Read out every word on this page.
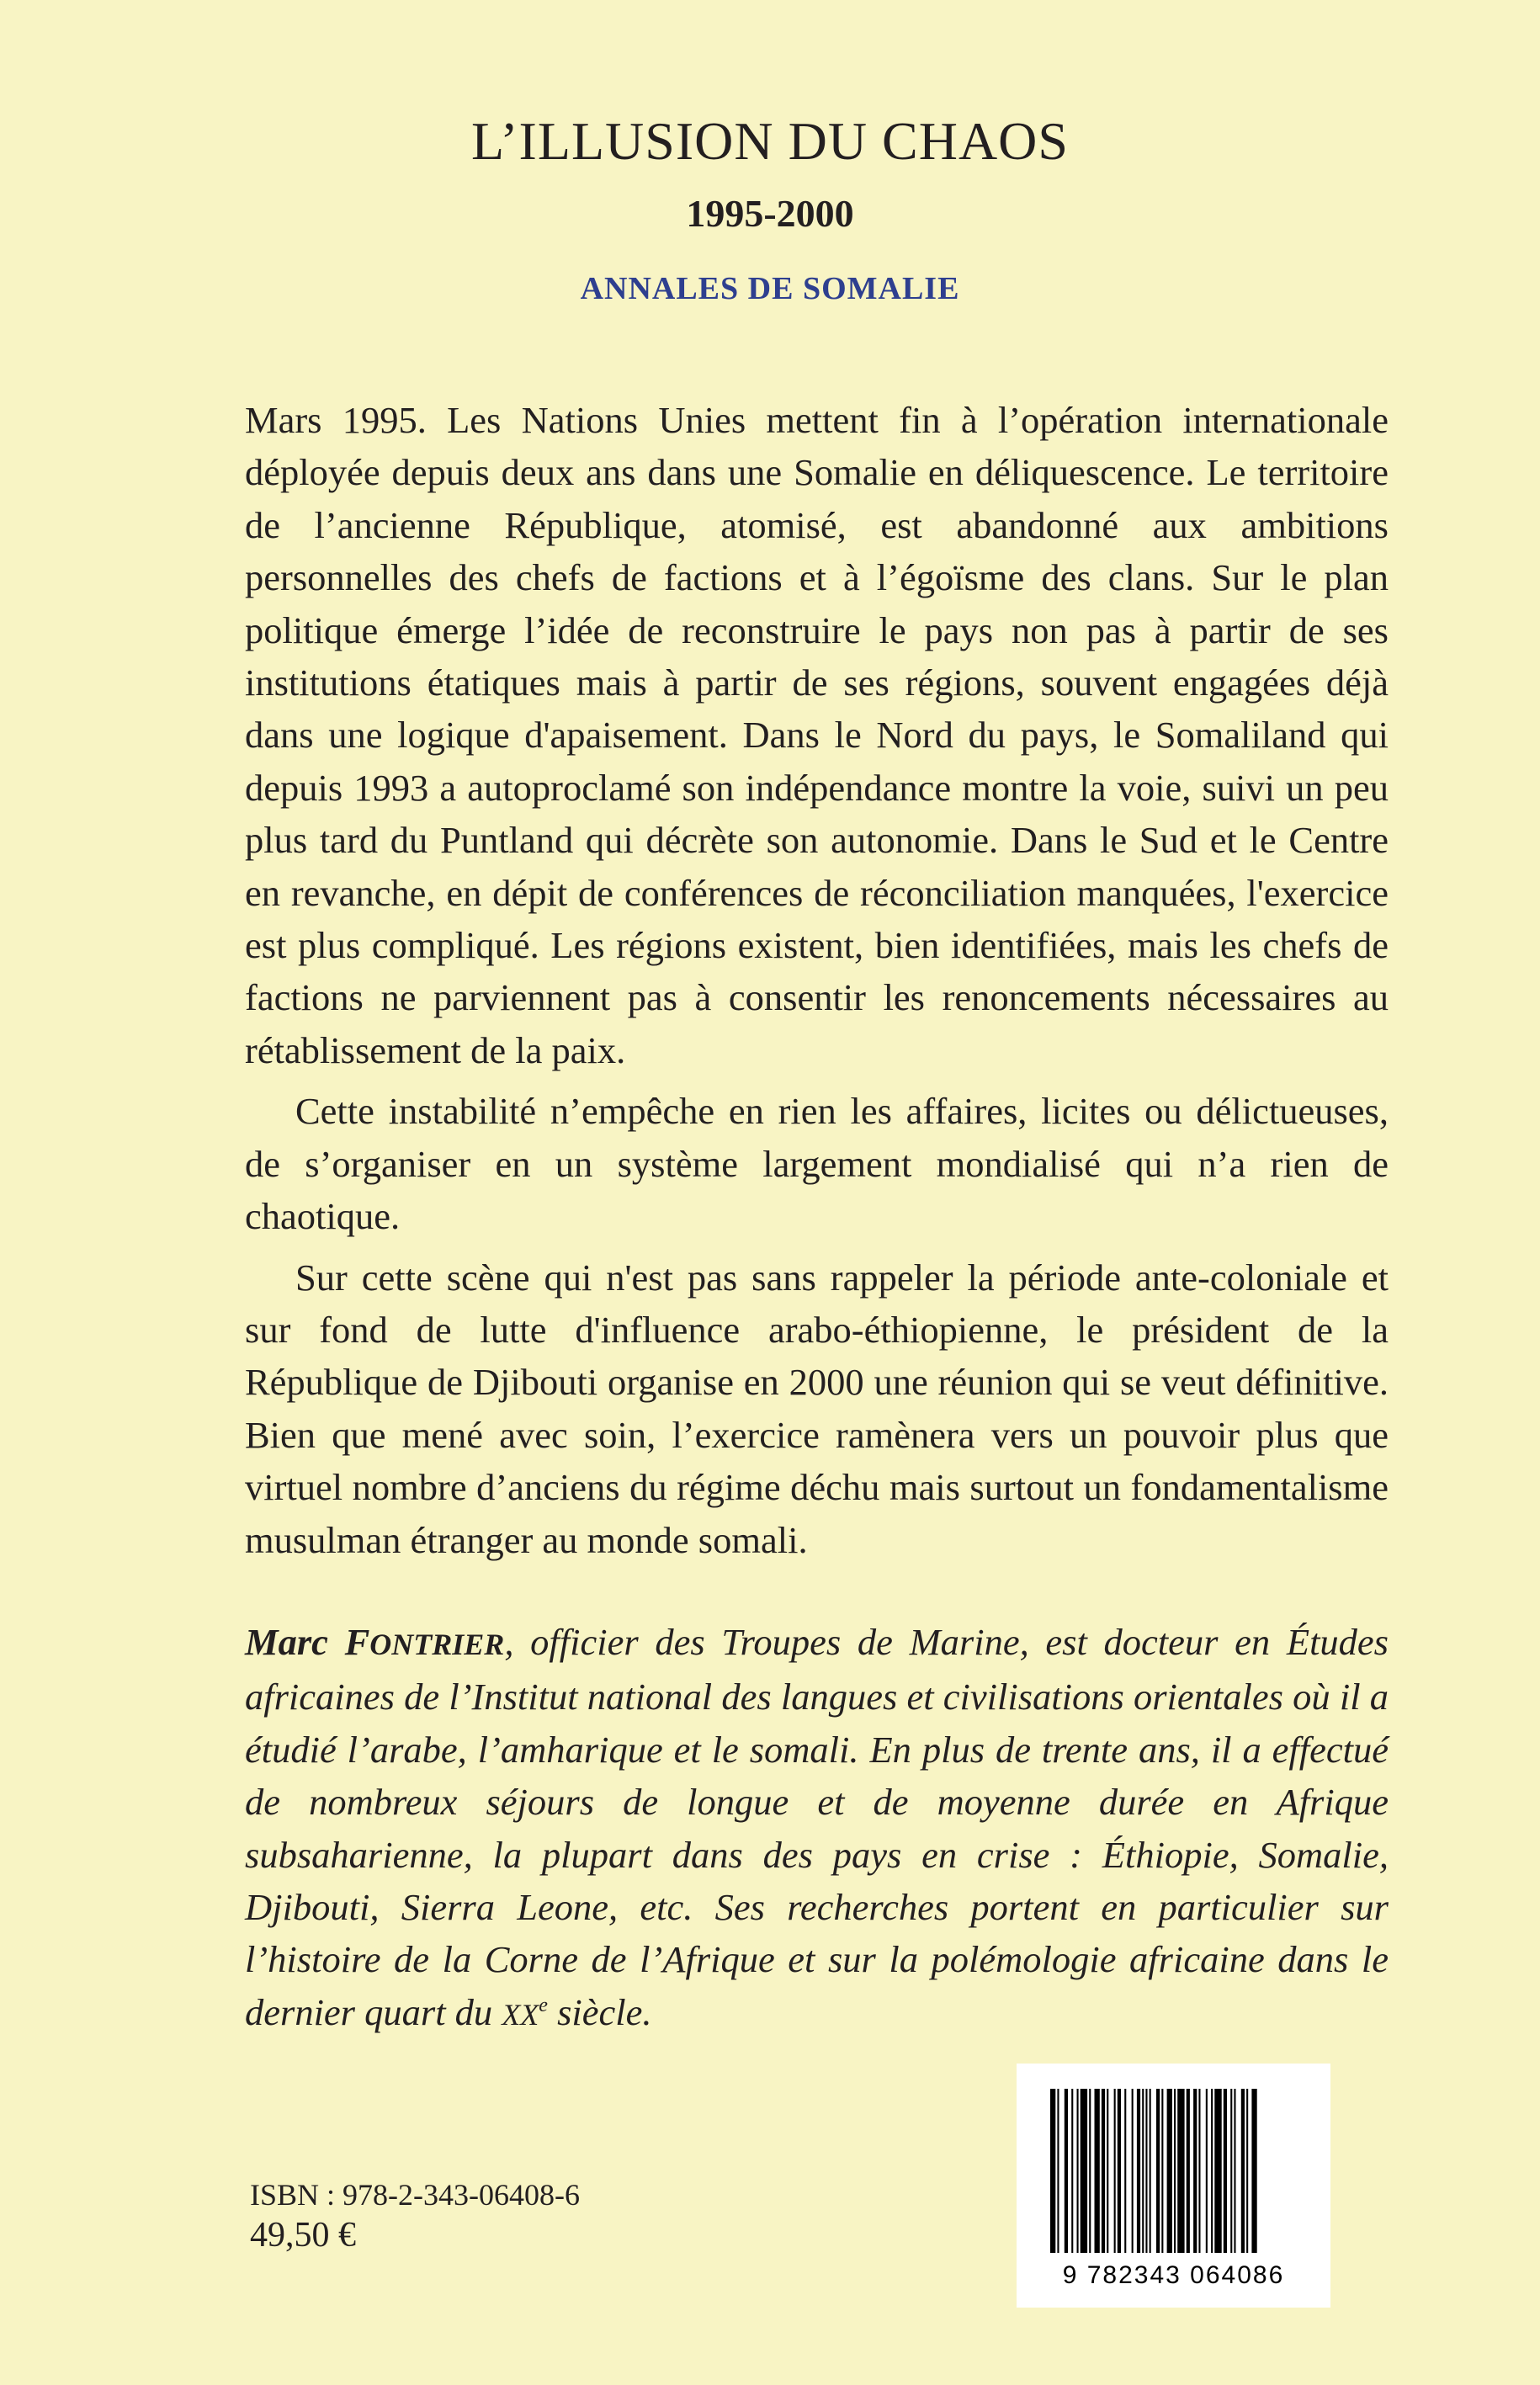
L’ILLUSION DU CHAOS
1995-2000
ANNALES DE SOMALIE

Mars 1995. Les Nations Unies mettent fin à l’opération internationale déployée depuis deux ans dans une Somalie en déliquescence. Le territoire de l’ancienne République, atomisé, est abandonné aux ambitions personnelles des chefs de factions et à l’égoïsme des clans. Sur le plan politique émerge l’idée de reconstruire le pays non pas à partir de ses institutions étatiques mais à partir de ses régions, souvent engagées déjà dans une logique d'apaisement. Dans le Nord du pays, le Somaliland qui depuis 1993 a autoproclamé son indépendance montre la voie, suivi un peu plus tard du Puntland qui décrète son autonomie. Dans le Sud et le Centre en revanche, en dépit de conférences de réconciliation manquées, l'exercice est plus compliqué. Les régions existent, bien identifiées, mais les chefs de factions ne parviennent pas à consentir les renoncements nécessaires au rétablissement de la paix.

Cette instabilité n’empêche en rien les affaires, licites ou délictueuses, de s’organiser en un système largement mondialisé qui n’a rien de chaotique.

Sur cette scène qui n'est pas sans rappeler la période ante-coloniale et sur fond de lutte d'influence arabo-éthiopienne, le président de la République de Djibouti organise en 2000 une réunion qui se veut définitive. Bien que mené avec soin, l’exercice ramènera vers un pouvoir plus que virtuel nombre d’anciens du régime déchu mais surtout un fondamentalisme musulman étranger au monde somali.

Marc FONTRIER, officier des Troupes de Marine, est docteur en Études africaines de l’Institut national des langues et civilisations orientales où il a étudié l’arabe, l’amharique et le somali. En plus de trente ans, il a effectué de nombreux séjours de longue et de moyenne durée en Afrique subsaharienne, la plupart dans des pays en crise : Éthiopie, Somalie, Djibouti, Sierra Leone, etc. Ses recherches portent en particulier sur l’histoire de la Corne de l’Afrique et sur la polémologie africaine dans le dernier quart du XXe siècle.
ISBN : 978-2-343-06408-6
49,50 €
9 782343 064086
